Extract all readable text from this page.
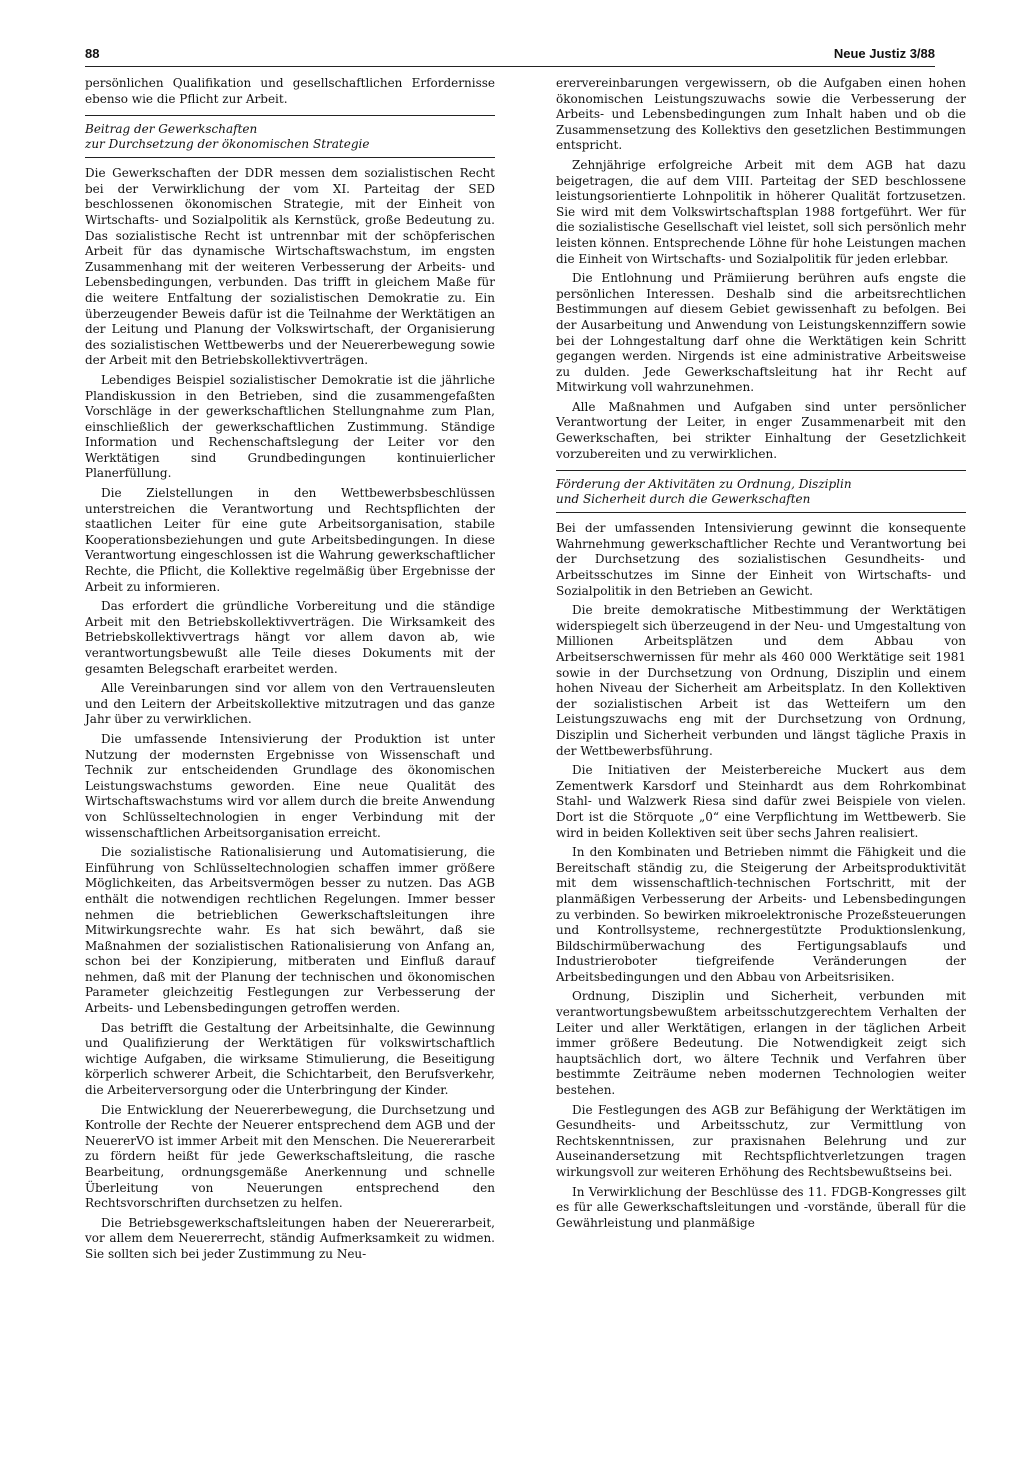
88	Neue Justiz 3/88

persönlichen Qualifikation und gesellschaftlichen Erfordernisse ebenso wie die Pflicht zur Arbeit.

Beitrag der Gewerkschaften
zur Durchsetzung der ökonomischen Strategie

Die Gewerkschaften der DDR messen dem sozialistischen Recht bei der Verwirklichung der vom XI. Parteitag der SED beschlossenen ökonomischen Strategie, mit der Einheit von Wirtschafts- und Sozialpolitik als Kernstück, große Bedeutung zu. Das sozialistische Recht ist untrennbar mit der schöpferischen Arbeit für das dynamische Wirtschaftswachstum, im engsten Zusammenhang mit der weiteren Verbesserung der Arbeits- und Lebensbedingungen, verbunden. Das trifft in gleichem Maße für die weitere Entfaltung der sozialistischen Demokratie zu. Ein überzeugender Beweis dafür ist die Teilnahme der Werktätigen an der Leitung und Planung der Volkswirtschaft, der Organisierung des sozialistischen Wettbewerbs und der Neuererbewegung sowie der Arbeit mit den Betriebskollektivverträgen.

Lebendiges Beispiel sozialistischer Demokratie ist die jährliche Plandiskussion in den Betrieben, sind die zusammengefaßten Vorschläge in der gewerkschaftlichen Stellungnahme zum Plan, einschließlich der gewerkschaftlichen Zustimmung. Ständige Information und Rechenschaftslegung der Leiter vor den Werktätigen sind Grundbedingungen kontinuierlicher Planerfüllung.

Die Zielstellungen in den Wettbewerbsbeschlüssen unterstreichen die Verantwortung und Rechtspflichten der staatlichen Leiter für eine gute Arbeitsorganisation, stabile Kooperationsbeziehungen und gute Arbeitsbedingungen. In diese Verantwortung eingeschlossen ist die Wahrung gewerkschaftlicher Rechte, die Pflicht, die Kollektive regelmäßig über Ergebnisse der Arbeit zu informieren.

Das erfordert die gründliche Vorbereitung und die ständige Arbeit mit den Betriebskollektivverträgen. Die Wirksamkeit des Betriebskollektivvertrags hängt vor allem davon ab, wie verantwortungsbewußt alle Teile dieses Dokuments mit der gesamten Belegschaft erarbeitet werden.

Alle Vereinbarungen sind vor allem von den Vertrauensleuten und den Leitern der Arbeitskollektive mitzutragen und das ganze Jahr über zu verwirklichen.

Die umfassende Intensivierung der Produktion ist unter Nutzung der modernsten Ergebnisse von Wissenschaft und Technik zur entscheidenden Grundlage des ökonomischen Leistungswachstums geworden. Eine neue Qualität des Wirtschaftswachstums wird vor allem durch die breite Anwendung von Schlüsseltechnologien in enger Verbindung mit der wissenschaftlichen Arbeitsorganisation erreicht.

Die sozialistische Rationalisierung und Automatisierung, die Einführung von Schlüsseltechnologien schaffen immer größere Möglichkeiten, das Arbeitsvermögen besser zu nutzen. Das AGB enthält die notwendigen rechtlichen Regelungen. Immer besser nehmen die betrieblichen Gewerkschaftsleitungen ihre Mitwirkungsrechte wahr. Es hat sich bewährt, daß sie Maßnahmen der sozialistischen Rationalisierung von Anfang an, schon bei der Konzipierung, mitberaten und Einfluß darauf nehmen, daß mit der Planung der technischen und ökonomischen Parameter gleichzeitig Festlegungen zur Verbesserung der Arbeits- und Lebensbedingungen getroffen werden.

Das betrifft die Gestaltung der Arbeitsinhalte, die Gewinnung und Qualifizierung der Werktätigen für volkswirtschaftlich wichtige Aufgaben, die wirksame Stimulierung, die Beseitigung körperlich schwerer Arbeit, die Schichtarbeit, den Berufsverkehr, die Arbeiterversorgung oder die Unterbringung der Kinder.

Die Entwicklung der Neuererbewegung, die Durchsetzung und Kontrolle der Rechte der Neuerer entsprechend dem AGB und der NeuererVO ist immer Arbeit mit den Menschen. Die Neuererarbeit zu fördern heißt für jede Gewerkschaftsleitung, die rasche Bearbeitung, ordnungsgemäße Anerkennung und schnelle Überleitung von Neuerungen entsprechend den Rechtsvorschriften durchsetzen zu helfen.

Die Betriebsgewerkschaftsleitungen haben der Neuererarbeit, vor allem dem Neuererrecht, ständig Aufmerksamkeit zu widmen. Sie sollten sich bei jeder Zustimmung zu Neu-

erervereinbarungen vergewissern, ob die Aufgaben einen hohen ökonomischen Leistungszuwachs sowie die Verbesserung der Arbeits- und Lebensbedingungen zum Inhalt haben und ob die Zusammensetzung des Kollektivs den gesetzlichen Bestimmungen entspricht.

Zehnjährige erfolgreiche Arbeit mit dem AGB hat dazu beigetragen, die auf dem VIII. Parteitag der SED beschlossene leistungsorientierte Lohnpolitik in höherer Qualität fortzusetzen. Sie wird mit dem Volkswirtschaftsplan 1988 fortgeführt. Wer für die sozialistische Gesellschaft viel leistet, soll sich persönlich mehr leisten können. Entsprechende Löhne für hohe Leistungen machen die Einheit von Wirtschafts- und Sozialpolitik für jeden erlebbar.

Die Entlohnung und Prämiierung berühren aufs engste die persönlichen Interessen. Deshalb sind die arbeitsrechtlichen Bestimmungen auf diesem Gebiet gewissenhaft zu befolgen. Bei der Ausarbeitung und Anwendung von Leistungskennziffern sowie bei der Lohngestaltung darf ohne die Werktätigen kein Schritt gegangen werden. Nirgends ist eine administrative Arbeitsweise zu dulden. Jede Gewerkschaftsleitung hat ihr Recht auf Mitwirkung voll wahrzunehmen.

Alle Maßnahmen und Aufgaben sind unter persönlicher Verantwortung der Leiter, in enger Zusammenarbeit mit den Gewerkschaften, bei strikter Einhaltung der Gesetzlichkeit vorzubereiten und zu verwirklichen.

Förderung der Aktivitäten zu Ordnung, Disziplin
und Sicherheit durch die Gewerkschaften

Bei der umfassenden Intensivierung gewinnt die konsequente Wahrnehmung gewerkschaftlicher Rechte und Verantwortung bei der Durchsetzung des sozialistischen Gesundheits- und Arbeitsschutzes im Sinne der Einheit von Wirtschafts- und Sozialpolitik in den Betrieben an Gewicht.

Die breite demokratische Mitbestimmung der Werktätigen widerspiegelt sich überzeugend in der Neu- und Umgestaltung von Millionen Arbeitsplätzen und dem Abbau von Arbeitserschwernissen für mehr als 460 000 Werktätige seit 1981 sowie in der Durchsetzung von Ordnung, Disziplin und einem hohen Niveau der Sicherheit am Arbeitsplatz. In den Kollektiven der sozialistischen Arbeit ist das Wetteifern um den Leistungszuwachs eng mit der Durchsetzung von Ordnung, Disziplin und Sicherheit verbunden und längst tägliche Praxis in der Wettbewerbsführung.

Die Initiativen der Meisterbereiche Muckert aus dem Zementwerk Karsdorf und Steinhardt aus dem Rohrkombinat Stahl- und Walzwerk Riesa sind dafür zwei Beispiele von vielen. Dort ist die Störquote „0“ eine Verpflichtung im Wettbewerb. Sie wird in beiden Kollektiven seit über sechs Jahren realisiert.

In den Kombinaten und Betrieben nimmt die Fähigkeit und die Bereitschaft ständig zu, die Steigerung der Arbeitsproduktivität mit dem wissenschaftlich-technischen Fortschritt, mit der planmäßigen Verbesserung der Arbeits- und Lebensbedingungen zu verbinden. So bewirken mikroelektronische Prozeßsteuerungen und Kontrollsysteme, rechnergestützte Produktionslenkung, Bildschirmüberwachung des Fertigungsablaufs und Industrieroboter tiefgreifende Veränderungen der Arbeitsbedingungen und den Abbau von Arbeitsrisiken.

Ordnung, Disziplin und Sicherheit, verbunden mit verantwortungsbewußtem arbeitsschutzgerechtem Verhalten der Leiter und aller Werktätigen, erlangen in der täglichen Arbeit immer größere Bedeutung. Die Notwendigkeit zeigt sich hauptsächlich dort, wo ältere Technik und Verfahren über bestimmte Zeiträume neben modernen Technologien weiter bestehen.

Die Festlegungen des AGB zur Befähigung der Werktätigen im Gesundheits- und Arbeitsschutz, zur Vermittlung von Rechtskenntnissen, zur praxisnahen Belehrung und zur Auseinandersetzung mit Rechtspflichtverletzungen tragen wirkungsvoll zur weiteren Erhöhung des Rechtsbewußtseins bei.

In Verwirklichung der Beschlüsse des 11. FDGB-Kongresses gilt es für alle Gewerkschaftsleitungen und -vorstände, überall für die Gewährleistung und planmäßige
